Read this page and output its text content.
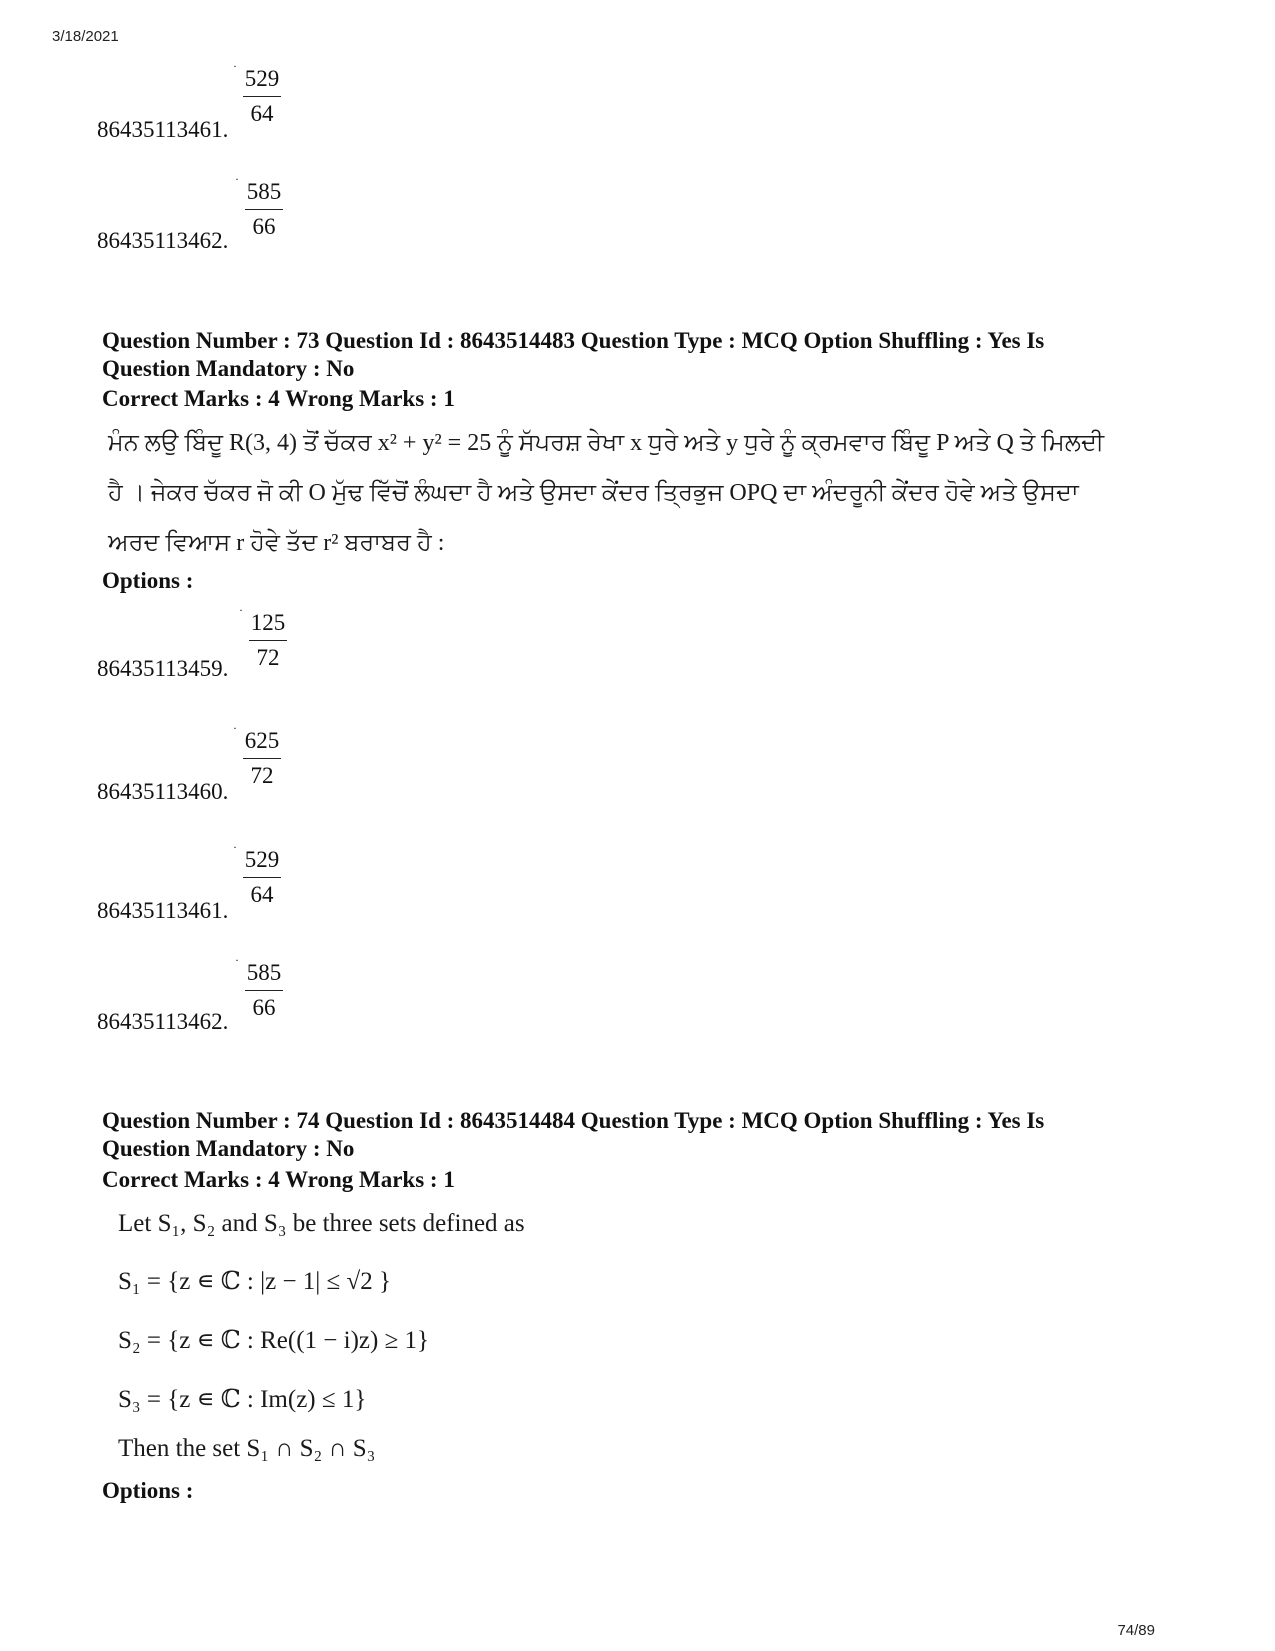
3/18/2021
· 529
64
86435113461.
· 585
66
86435113462.
Question Number : 73 Question Id : 8643514483 Question Type : MCQ Option Shuffling : Yes Is
Question Mandatory : No
Correct Marks : 4 Wrong Marks : 1

ਮੰਨ ਲਉ ਬਿੰਦੂ R(3, 4) ਤੋਂ ਚੱਕਰ x² + y² = 25 ਨੂੰ ਸੱਪਰਸ਼ ਰੇਖਾ x ਧੁਰੇ ਅਤੇ y ਧੁਰੇ ਨੂੰ ਕ੍ਰਮਵਾਰ ਬਿੰਦੂ P ਅਤੇ Q ਤੇ ਮਿਲਦੀ

ਹੈ । ਜੇਕਰ ਚੱਕਰ ਜੋ ਕੀ O ਮੁੱਢ ਵਿੱਚੋਂ ਲੰਘਦਾ ਹੈ ਅਤੇ ਉਸਦਾ ਕੇਂਦਰ ਤ੍ਰਿਭੁਜ OPQ ਦਾ ਅੰਦਰੂਨੀ ਕੇਂਦਰ ਹੋਵੇ ਅਤੇ ਉਸਦਾ

ਅਰਦ ਵਿਆਸ r ਹੋਵੇ ਤੱਦ r² ਬਰਾਬਰ ਹੈ :

Options :
· 125
72
86435113459.
· 625
72
86435113460.
· 529
64
86435113461.
· 585
66
86435113462.
Question Number : 74 Question Id : 8643514484 Question Type : MCQ Option Shuffling : Yes Is
Question Mandatory : No
Correct Marks : 4 Wrong Marks : 1
Let S₁, S₂ and S₃ be three sets defined as
S₁ = {z ∊ ℂ : |z − 1| ≤ √2 }
S₂ = {z ∊ ℂ : Re((1 − i)z) ≥ 1}
S₃ = {z ∊ ℂ : Im(z) ≤ 1}
Then the set S₁ ∩ S₂ ∩ S₃
Options :
74/89
